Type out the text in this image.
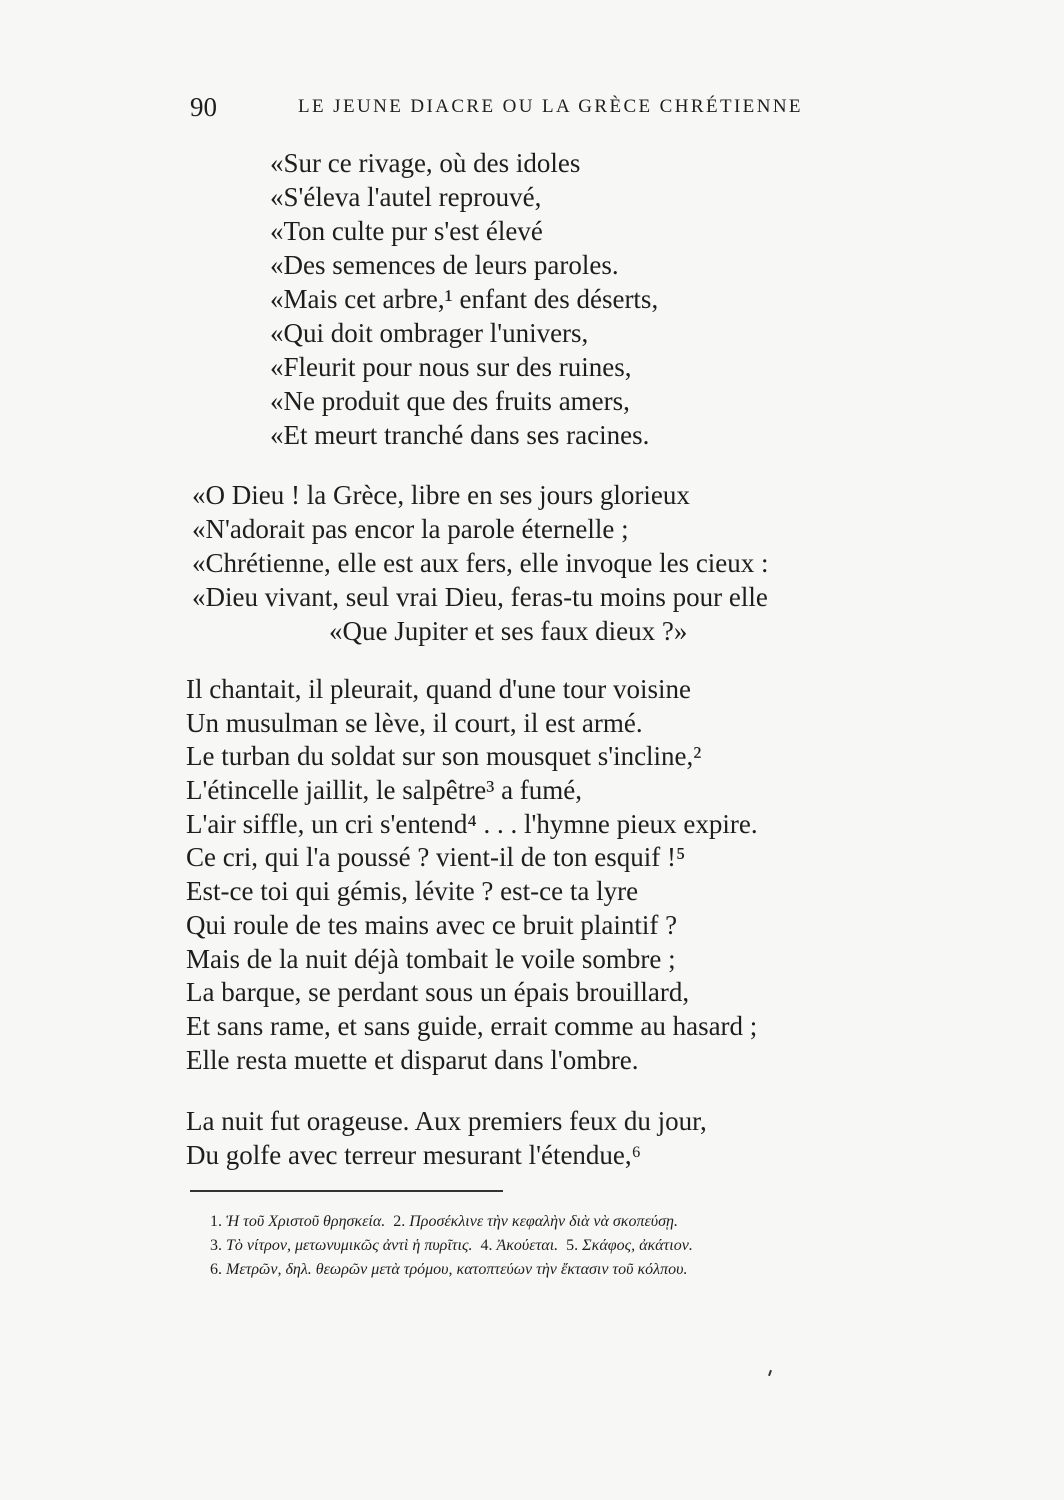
90	LE JEUNE DIACRE OU LA GRÈCE CHRÉTIENNE
«Sur ce rivage, où des idoles
«S'éleva l'autel reprouvé,
«Ton culte pur s'est élevé
«Des semences de leurs paroles.
«Mais cet arbre,¹ enfant des déserts,
«Qui doit ombrager l'univers,
«Fleurit pour nous sur des ruines,
«Ne produit que des fruits amers,
«Et meurt tranché dans ses racines.
«O Dieu ! la Grèce, libre en ses jours glorieux
«N'adorait pas encor la parole éternelle ;
«Chrétienne, elle est aux fers, elle invoque les cieux :
«Dieu vivant, seul vrai Dieu, feras-tu moins pour elle
«Que Jupiter et ses faux dieux ?»
Il chantait, il pleurait, quand d'une tour voisine
Un musulman se lève, il court, il est armé.
Le turban du soldat sur son mousquet s'incline,²
L'étincelle jaillit, le salpêtre³ a fumé,
L'air siffle, un cri s'entend⁴ . . . l'hymne pieux expire.
Ce cri, qui l'a poussé ? vient-il de ton esquif !⁵
Est-ce toi qui gémis, lévite ? est-ce ta lyre
Qui roule de tes mains avec ce bruit plaintif ?
Mais de la nuit déjà tombait le voile sombre ;
La barque, se perdant sous un épais brouillard,
Et sans rame, et sans guide, errait comme au hasard ;
Elle resta muette et disparut dans l'ombre.
La nuit fut orageuse. Aux premiers feux du jour,
Du golfe avec terreur mesurant l'étendue,⁶
1. Ἡ τοῦ Χριστοῦ θρησκεία. 2. Προσέκλινε τὴν κεφαλὴν διὰ νὰ σκοπεύσῃ.
3. Τὸ νίτρον, μετωνυμικῶς ἀντὶ ἡ πυρῖτις. 4. Ἀκούεται. 5. Σκάφος, ἀκάτιον.
6. Μετρῶν, δηλ. θεωρῶν μετὰ τρόμου, κατοπτεύων τὴν ἔκτασιν τοῦ κόλπου.
